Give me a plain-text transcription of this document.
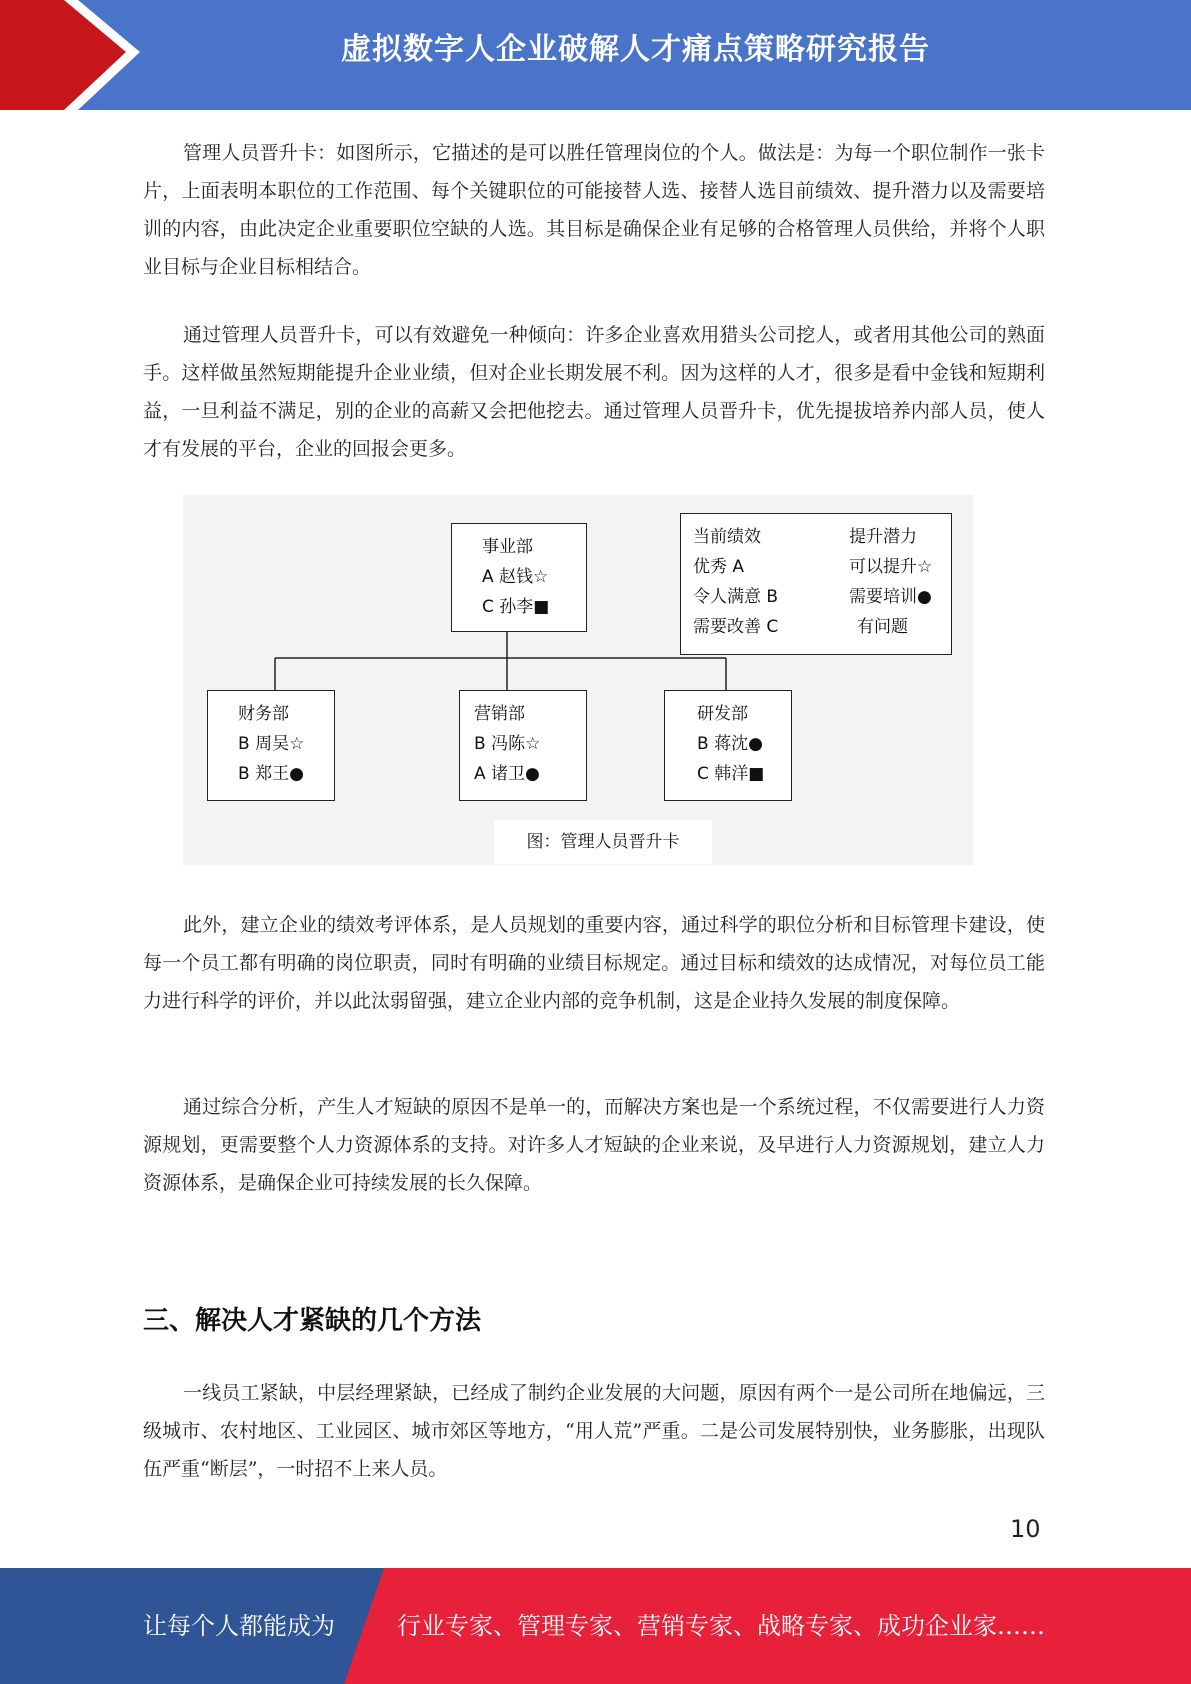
虚拟数字人企业破解人才痛点策略研究报告

管理人员晋升卡：如图所示，它描述的是可以胜任管理岗位的个人。做法是：为每一个职位制作一张卡片，上面表明本职位的工作范围、每个关键职位的可能接替人选、接替人选目前绩效、提升潜力以及需要培训的内容，由此决定企业重要职位空缺的人选。其目标是确保企业有足够的合格管理人员供给，并将个人职业目标与企业目标相结合。

通过管理人员晋升卡，可以有效避免一种倾向：许多企业喜欢用猎头公司挖人，或者用其他公司的熟面手。这样做虽然短期能提升企业业绩，但对企业长期发展不利。因为这样的人才，很多是看中金钱和短期利益，一旦利益不满足，别的企业的高薪又会把他挖去。通过管理人员晋升卡，优先提拔培养内部人员，使人才有发展的平台，企业的回报会更多。

事业部
A 赵钱☆
C 孙李■
当前绩效	提升潜力
优秀 A	可以提升☆
令人满意 B	需要培训●
需要改善 C	有问题
财务部
B 周吴☆
B 郑王●
营销部
B 冯陈☆
A 诸卫●
研发部
B 蒋沈●
C 韩洋■
图：管理人员晋升卡

此外，建立企业的绩效考评体系，是人员规划的重要内容，通过科学的职位分析和目标管理卡建设，使每一个员工都有明确的岗位职责，同时有明确的业绩目标规定。通过目标和绩效的达成情况，对每位员工能力进行科学的评价，并以此汰弱留强，建立企业内部的竞争机制，这是企业持久发展的制度保障。

通过综合分析，产生人才短缺的原因不是单一的，而解决方案也是一个系统过程，不仅需要进行人力资源规划，更需要整个人力资源体系的支持。对许多人才短缺的企业来说，及早进行人力资源规划，建立人力资源体系，是确保企业可持续发展的长久保障。

三、解决人才紧缺的几个方法

一线员工紧缺，中层经理紧缺，已经成了制约企业发展的大问题，原因有两个一是公司所在地偏远，三级城市、农村地区、工业园区、城市郊区等地方，“用人荒”严重。二是公司发展特别快，业务膨胀，出现队伍严重“断层”，一时招不上来人员。

10
让每个人都能成为	行业专家、管理专家、营销专家、战略专家、成功企业家……
